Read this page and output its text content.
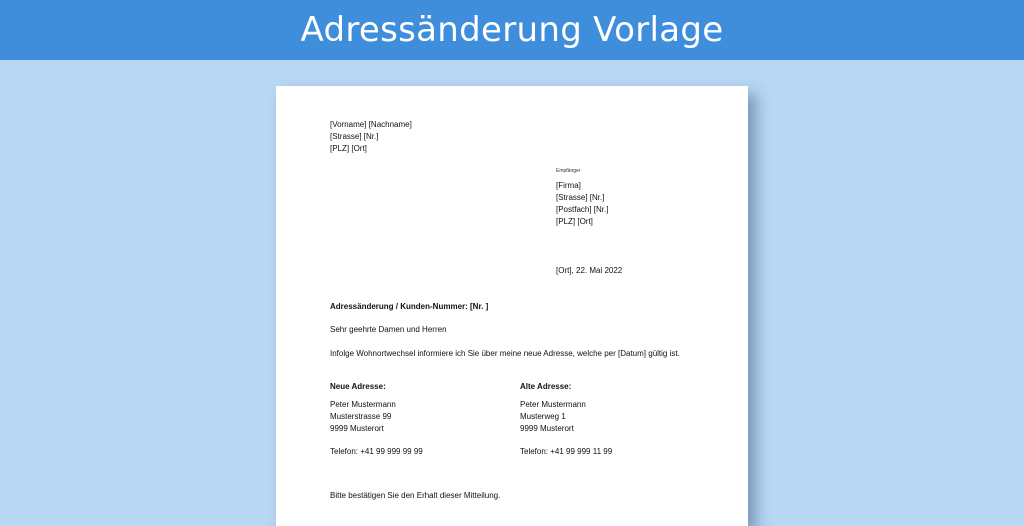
Adressänderung Vorlage
[Vorname] [Nachname]
[Strasse] [Nr.]
[PLZ] [Ort]
Empfänger
[Firma]
[Strasse] [Nr.]
[Postfach] [Nr.]
[PLZ] [Ort]
[Ort], 22. Mai 2022
Adressänderung / Kunden-Nummer: [Nr. ]
Sehr geehrte Damen und Herren
Infolge Wohnortwechsel informiere ich Sie über meine neue Adresse, welche per [Datum] gültig ist.
Neue Adresse:
Peter Mustermann
Musterstrasse 99
9999 Musterort
Telefon: +41 99 999 99 99
Alte Adresse:
Peter Mustermann
Musterweg 1
9999 Musterort
Telefon: +41 99 999 11 99
Bitte bestätigen Sie den Erhalt dieser Mitteilung.
